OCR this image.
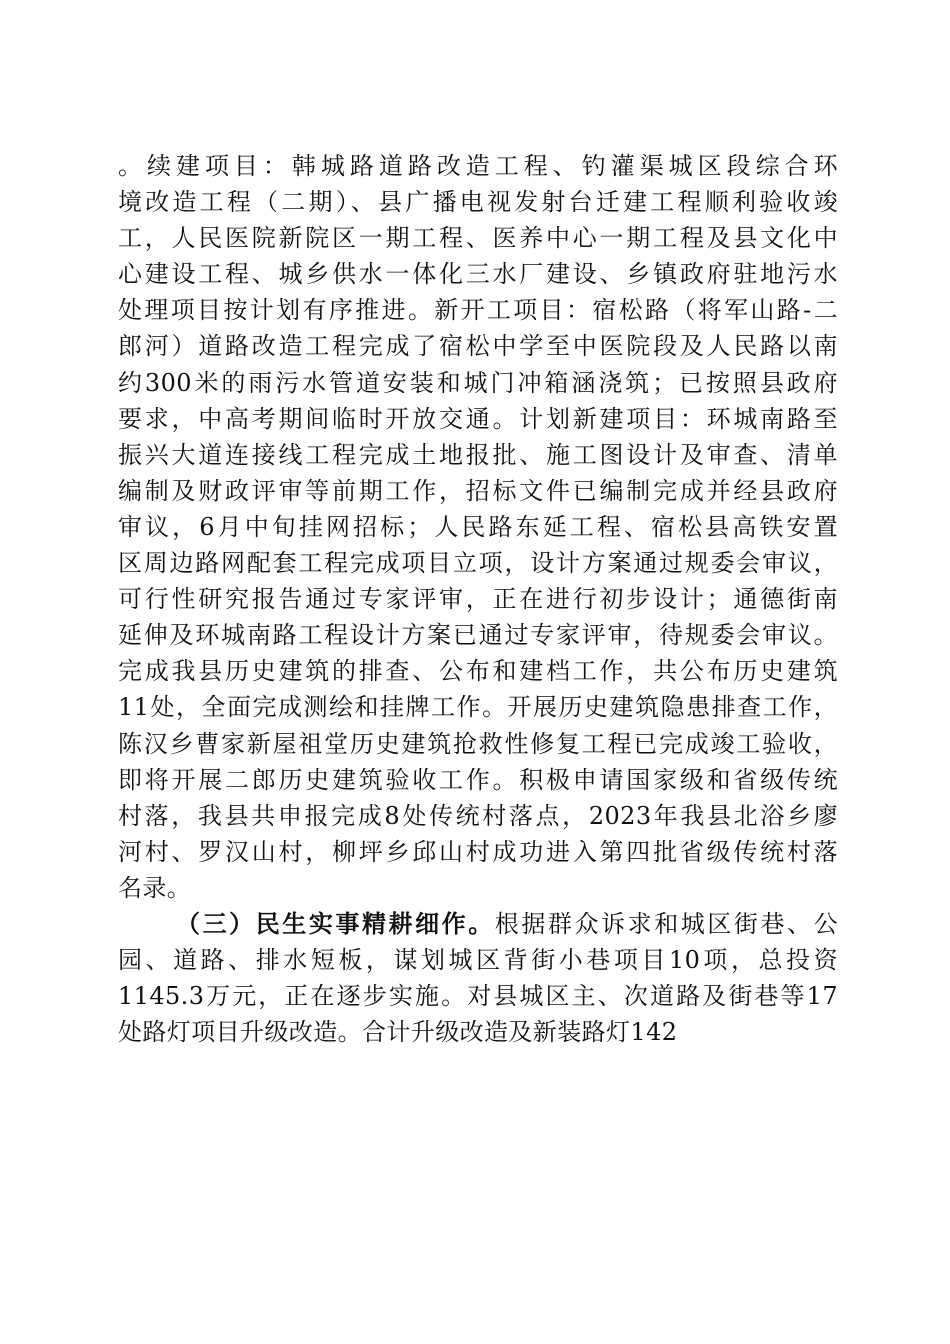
。续建项目：韩城路道路改造工程、钓灌渠城区段综合环
境改造工程（二期）、县广播电视发射台迁建工程顺利验收竣
工，人民医院新院区一期工程、医养中心一期工程及县文化中
心建设工程、城乡供水一体化三水厂建设、乡镇政府驻地污水
处理项目按计划有序推进。新开工项目：宿松路（将军山路-二
郎河）道路改造工程完成了宿松中学至中医院段及人民路以南
约300米的雨污水管道安装和城门冲箱涵浇筑；已按照县政府
要求，中高考期间临时开放交通。计划新建项目：环城南路至
振兴大道连接线工程完成土地报批、施工图设计及审查、清单
编制及财政评审等前期工作，招标文件已编制完成并经县政府
审议，6月中旬挂网招标；人民路东延工程、宿松县高铁安置
区周边路网配套工程完成项目立项，设计方案通过规委会审议，
可行性研究报告通过专家评审，正在进行初步设计；通德街南
延伸及环城南路工程设计方案已通过专家评审，待规委会审议。
完成我县历史建筑的排查、公布和建档工作，共公布历史建筑
11处，全面完成测绘和挂牌工作。开展历史建筑隐患排查工作，
陈汉乡曹家新屋祖堂历史建筑抢救性修复工程已完成竣工验收，
即将开展二郎历史建筑验收工作。积极申请国家级和省级传统
村落，我县共申报完成8处传统村落点，2023年我县北浴乡廖
河村、罗汉山村，柳坪乡邱山村成功进入第四批省级传统村落
名录。
（三）民生实事精耕细作。根据群众诉求和城区街巷、公
园、道路、排水短板，谋划城区背街小巷项目10项，总投资
1145.3万元，正在逐步实施。对县城区主、次道路及街巷等17
处路灯项目升级改造。合计升级改造及新装路灯142
